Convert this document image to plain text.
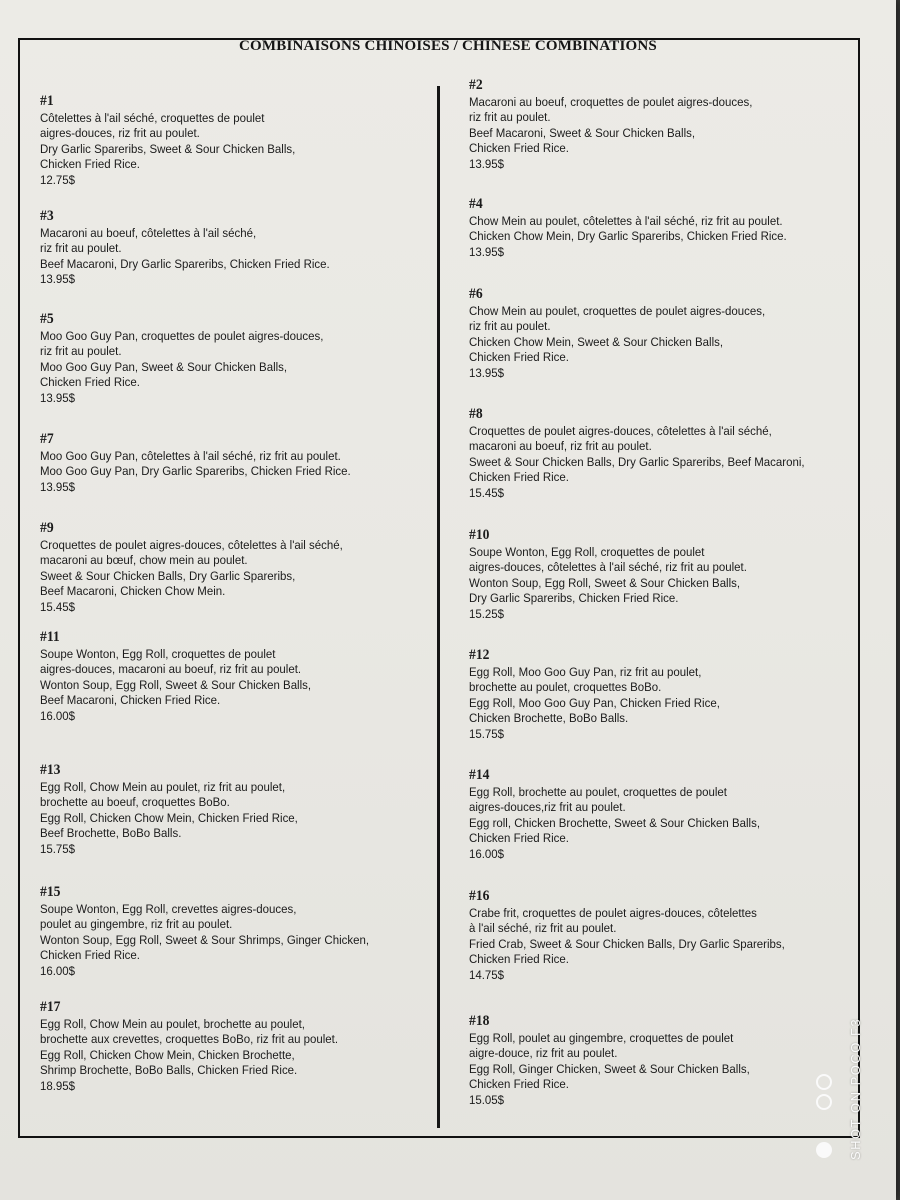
COMBINAISONS CHINOISES / CHINESE COMBINATIONS
#1
Côtelettes à l'ail séché, croquettes de poulet
aigres-douces, riz frit au poulet.
Dry Garlic Spareribs, Sweet & Sour Chicken Balls,
Chicken Fried Rice.
12.75$
#3
Macaroni au boeuf, côtelettes à l'ail séché,
riz frit au poulet.
Beef Macaroni, Dry Garlic Spareribs, Chicken Fried Rice.
13.95$
#5
Moo Goo Guy Pan, croquettes de poulet aigres-douces,
riz frit au poulet.
Moo Goo Guy Pan, Sweet & Sour Chicken Balls,
Chicken Fried Rice.
13.95$
#7
Moo Goo Guy Pan, côtelettes à l'ail séché, riz frit au poulet.
Moo Goo Guy Pan, Dry Garlic Spareribs, Chicken Fried Rice.
13.95$
#9
Croquettes de poulet aigres-douces, côtelettes à l'ail séché,
macaroni au bœuf, chow mein au poulet.
Sweet & Sour Chicken Balls, Dry Garlic Spareribs,
Beef Macaroni, Chicken Chow Mein.
15.45$
#11
Soupe Wonton, Egg Roll, croquettes de poulet
aigres-douces, macaroni au boeuf, riz frit au poulet.
Wonton Soup, Egg Roll, Sweet & Sour Chicken Balls,
Beef Macaroni, Chicken Fried Rice.
16.00$
#13
Egg Roll, Chow Mein au poulet, riz frit au poulet,
brochette au boeuf, croquettes BoBo.
Egg Roll, Chicken Chow Mein, Chicken Fried Rice,
Beef Brochette, BoBo Balls.
15.75$
#15
Soupe Wonton, Egg Roll, crevettes aigres-douces,
poulet au gingembre, riz frit au poulet.
Wonton Soup, Egg Roll, Sweet & Sour Shrimps, Ginger Chicken,
Chicken Fried Rice.
16.00$
#17
Egg Roll, Chow Mein au poulet, brochette au poulet,
brochette aux crevettes, croquettes BoBo, riz frit au poulet.
Egg Roll, Chicken Chow Mein, Chicken Brochette,
Shrimp Brochette, BoBo Balls, Chicken Fried Rice.
18.95$
#2
Macaroni au boeuf, croquettes de poulet aigres-douces,
riz frit au poulet.
Beef Macaroni, Sweet & Sour Chicken Balls,
Chicken Fried Rice.
13.95$
#4
Chow Mein au poulet, côtelettes à l'ail séché, riz frit au poulet.
Chicken Chow Mein, Dry Garlic Spareribs, Chicken Fried Rice.
13.95$
#6
Chow Mein au poulet, croquettes de poulet aigres-douces,
riz frit au poulet.
Chicken Chow Mein, Sweet & Sour Chicken Balls,
Chicken Fried Rice.
13.95$
#8
Croquettes de poulet aigres-douces, côtelettes à l'ail séché,
macaroni au boeuf, riz frit au poulet.
Sweet & Sour Chicken Balls, Dry Garlic Spareribs, Beef Macaroni,
Chicken Fried Rice.
15.45$
#10
Soupe Wonton, Egg Roll, croquettes de poulet
aigres-douces, côtelettes à l'ail séché, riz frit au poulet.
Wonton Soup, Egg Roll, Sweet & Sour Chicken Balls,
Dry Garlic Spareribs, Chicken Fried Rice.
15.25$
#12
Egg Roll, Moo Goo Guy Pan, riz frit au poulet,
brochette au poulet, croquettes BoBo.
Egg Roll, Moo Goo Guy Pan, Chicken Fried Rice,
Chicken Brochette, BoBo Balls.
15.75$
#14
Egg Roll, brochette au poulet, croquettes de poulet
aigres-douces,riz frit au poulet.
Egg roll, Chicken Brochette, Sweet & Sour Chicken Balls,
Chicken Fried Rice.
16.00$
#16
Crabe frit, croquettes de poulet aigres-douces, côtelettes
à l'ail séché, riz frit au poulet.
Fried Crab, Sweet & Sour Chicken Balls, Dry Garlic Spareribs,
Chicken Fried Rice.
14.75$
#18
Egg Roll, poulet au gingembre, croquettes de poulet
aigre-douce, riz frit au poulet.
Egg Roll, Ginger Chicken, Sweet & Sour Chicken Balls,
Chicken Fried Rice.
15.05$	SHOT ON POCO F3
